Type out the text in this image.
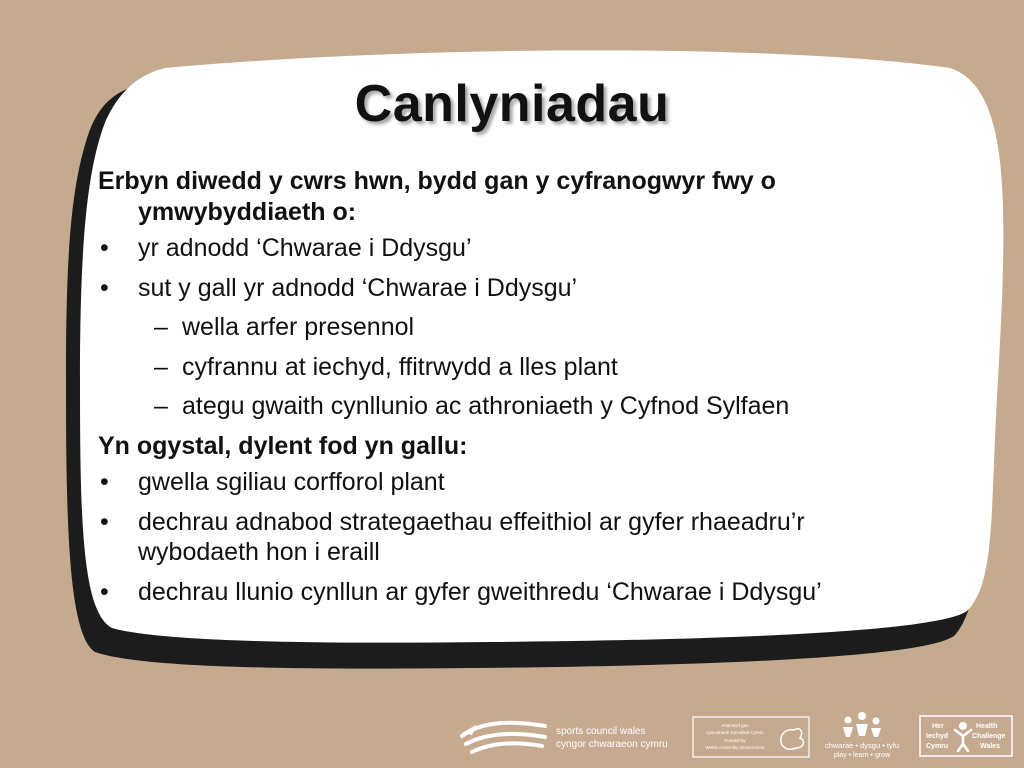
Canlyniadau

Erbyn diwedd y cwrs hwn, bydd gan y cyfranogwyr fwy o ymwybyddiaeth o:

• yr adnodd ‘Chwarae i Ddysgu’
• sut y gall yr adnodd ‘Chwarae i Ddysgu’
– wella arfer presennol
– cyfrannu at iechyd, ffitrwydd a lles plant
– ategu gwaith cynllunio ac athroniaeth y Cyfnod Sylfaen

Yn ogystal, dylent fod yn gallu:

• gwella sgiliau corfforol plant
• dechrau adnabod strategaethau effeithiol ar gyfer rhaeadru’r wybodaeth hon i eraill
• dechrau llunio cynllun ar gyfer gweithredu ‘Chwarae i Ddysgu’
sports council wales
cyngor chwaraeon cymru
Arianwyd gan
Lywodraeth Cynulliad Cymru
Funded by
Welsh Assembly Government	chwarae • dysgu • tyfu
play • learn • grow
Her
Iechyd
Cymru
Health
Challenge
Wales
